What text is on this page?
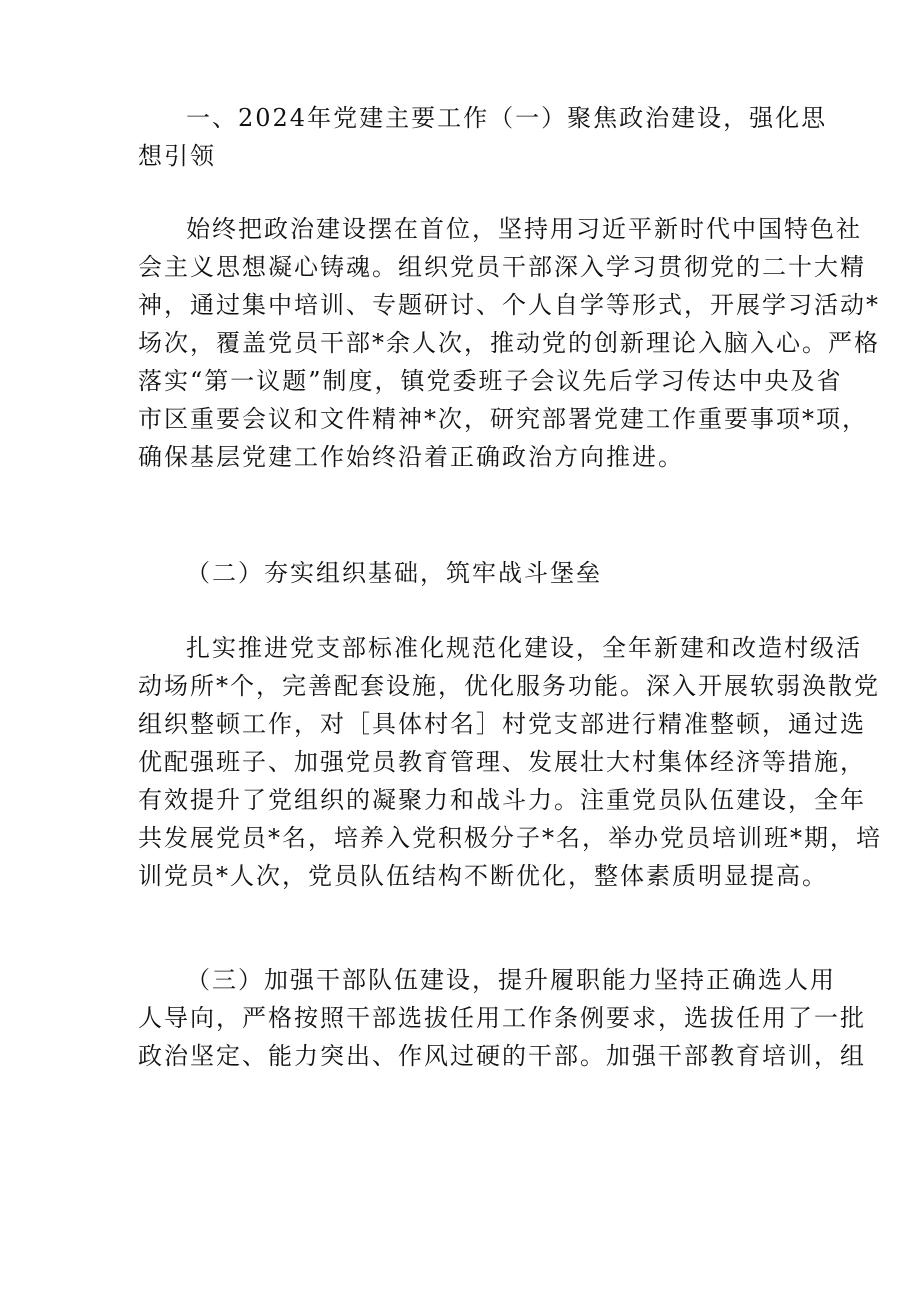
一、2024年党建主要工作（一）聚焦政治建设，强化思

想引领

始终把政治建设摆在首位，坚持用习近平新时代中国特色社

会主义思想凝心铸魂。组织党员干部深入学习贯彻党的二十大精

神，通过集中培训、专题研讨、个人自学等形式，开展学习活动*

场次，覆盖党员干部*余人次，推动党的创新理论入脑入心。严格

落实“第一议题”制度，镇党委班子会议先后学习传达中央及省

市区重要会议和文件精神*次，研究部署党建工作重要事项*项，

确保基层党建工作始终沿着正确政治方向推进。

（二）夯实组织基础，筑牢战斗堡垒

扎实推进党支部标准化规范化建设，全年新建和改造村级活

动场所*个，完善配套设施，优化服务功能。深入开展软弱涣散党

组织整顿工作，对［具体村名］村党支部进行精准整顿，通过选

优配强班子、加强党员教育管理、发展壮大村集体经济等措施，

有效提升了党组织的凝聚力和战斗力。注重党员队伍建设，全年

共发展党员*名，培养入党积极分子*名，举办党员培训班*期，培

训党员*人次，党员队伍结构不断优化，整体素质明显提高。

（三）加强干部队伍建设，提升履职能力坚持正确选人用

人导向，严格按照干部选拔任用工作条例要求，选拔任用了一批

政治坚定、能力突出、作风过硬的干部。加强干部教育培训，组
